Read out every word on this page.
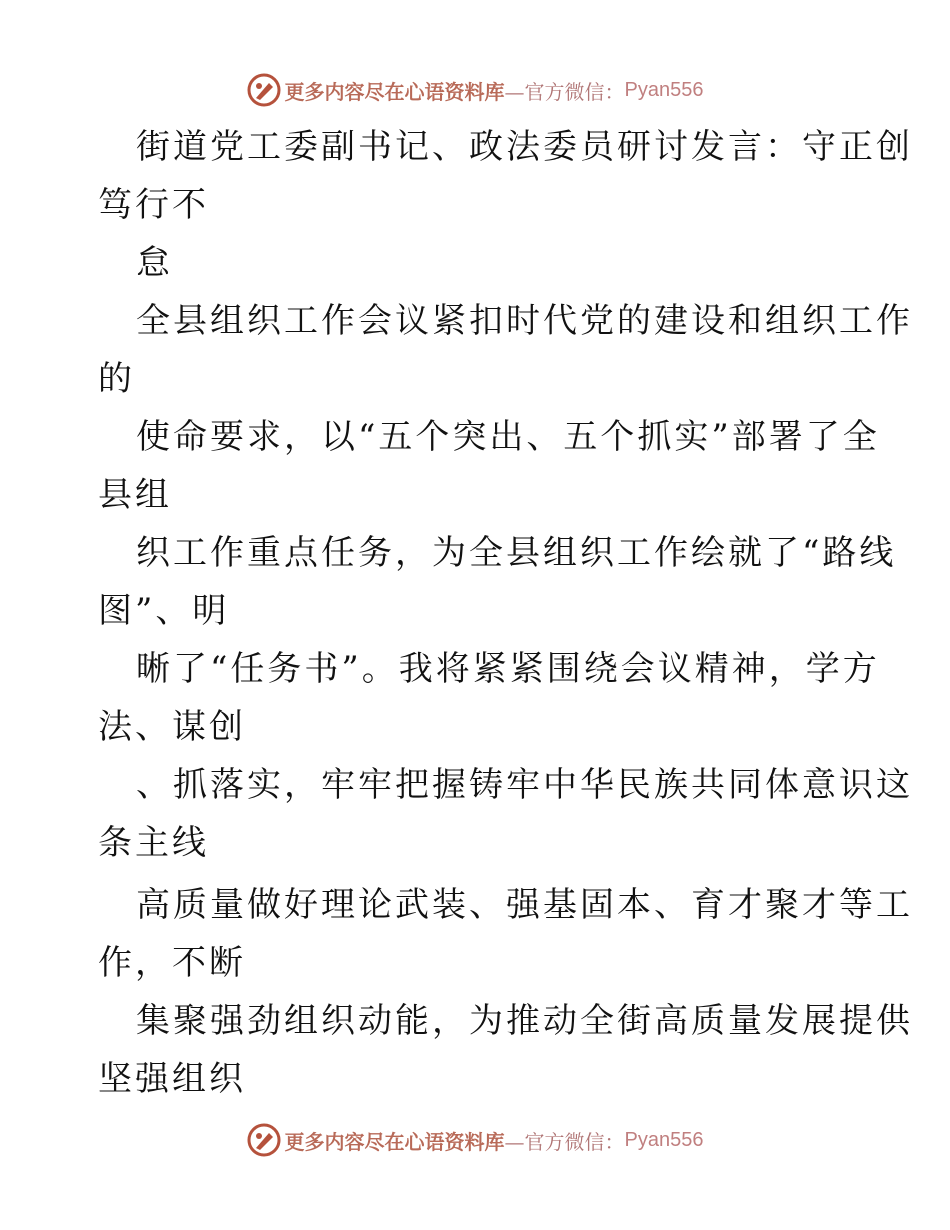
更多内容尽在心语资料库 —官方微信： Pyan556
街道党工委副书记、政法委员研讨发言：守正创
笃行不
怠
全县组织工作会议紧扣时代党的建设和组织工作
的
使命要求，以“五个突出、五个抓实”部署了全
县组
织工作重点任务，为全县组织工作绘就了“路线
图”、明
晰了“任务书”。我将紧紧围绕会议精神，学方
法、谋创
、抓落实，牢牢把握铸牢中华民族共同体意识这
条主线
高质量做好理论武装、强基固本、育才聚才等工
作，不断
集聚强劲组织动能，为推动全街高质量发展提供
坚强组织
更多内容尽在心语资料库 —官方微信： Pyan556
